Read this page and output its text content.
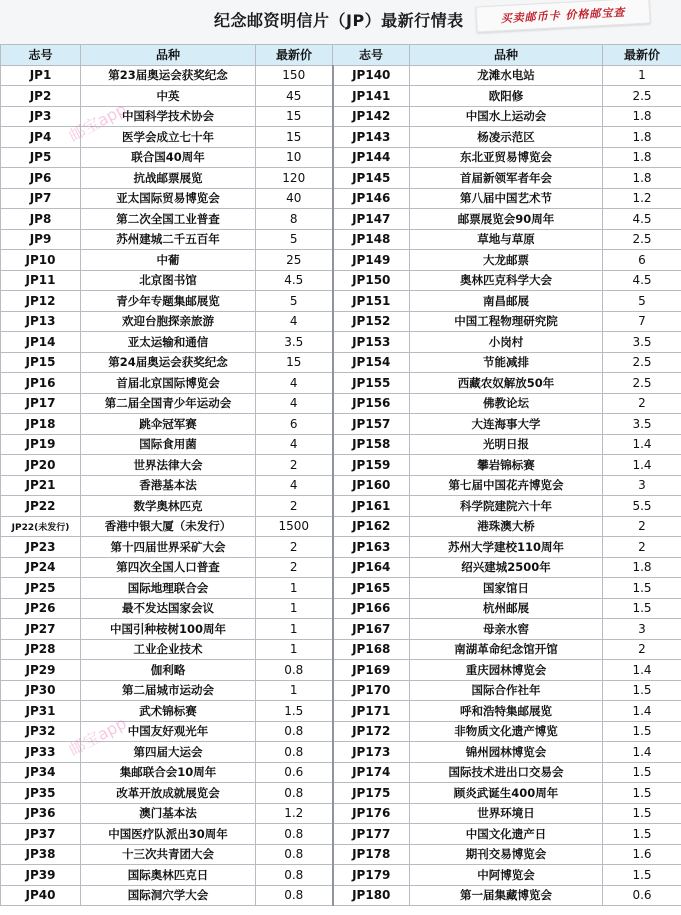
纪念邮资明信片（JP）最新行情表	买卖邮币卡 价格邮宝查
志号	品种	最新价	志号	品种	最新价
JP1	第23届奥运会获奖纪念	150	JP140	龙滩水电站	1
JP2	中英	45	JP141	欧阳修	2.5
JP3	中国科学技术协会	15	JP142	中国水上运动会	1.8
JP4	医学会成立七十年	15	JP143	杨凌示范区	1.8
JP5	联合国40周年	10	JP144	东北亚贸易博览会	1.8
JP6	抗战邮票展览	120	JP145	首届新领军者年会	1.8
JP7	亚太国际贸易博览会	40	JP146	第八届中国艺术节	1.2
JP8	第二次全国工业普查	8	JP147	邮票展览会90周年	4.5
JP9	苏州建城二千五百年	5	JP148	草地与草原	2.5
JP10	中葡	25	JP149	大龙邮票	6
JP11	北京图书馆	4.5	JP150	奥林匹克科学大会	4.5
JP12	青少年专题集邮展览	5	JP151	南昌邮展	5
JP13	欢迎台胞探亲旅游	4	JP152	中国工程物理研究院	7
JP14	亚太运输和通信	3.5	JP153	小岗村	3.5
JP15	第24届奥运会获奖纪念	15	JP154	节能减排	2.5
JP16	首届北京国际博览会	4	JP155	西藏农奴解放50年	2.5
JP17	第二届全国青少年运动会	4	JP156	佛教论坛	2
JP18	跳伞冠军赛	6	JP157	大连海事大学	3.5
JP19	国际食用菌	4	JP158	光明日报	1.4
JP20	世界法律大会	2	JP159	攀岩锦标赛	1.4
JP21	香港基本法	4	JP160	第七届中国花卉博览会	3
JP22	数学奥林匹克	2	JP161	科学院建院六十年	5.5
JP22(未发行)	香港中银大厦（未发行）	1500	JP162	港珠澳大桥	2
JP23	第十四届世界采矿大会	2	JP163	苏州大学建校110周年	2
JP24	第四次全国人口普查	2	JP164	绍兴建城2500年	1.8
JP25	国际地理联合会	1	JP165	国家馆日	1.5
JP26	最不发达国家会议	1	JP166	杭州邮展	1.5
JP27	中国引种桉树100周年	1	JP167	母亲水窖	3
JP28	工业企业技术	1	JP168	南湖革命纪念馆开馆	2
JP29	伽利略	0.8	JP169	重庆园林博览会	1.4
JP30	第二届城市运动会	1	JP170	国际合作社年	1.5
JP31	武术锦标赛	1.5	JP171	呼和浩特集邮展览	1.4
JP32	中国友好观光年	0.8	JP172	非物质文化遗产博览	1.5
JP33	第四届大运会	0.8	JP173	锦州园林博览会	1.4
JP34	集邮联合会10周年	0.6	JP174	国际技术进出口交易会	1.5
JP35	改革开放成就展览会	0.8	JP175	顾炎武诞生400周年	1.5
JP36	澳门基本法	1.2	JP176	世界环境日	1.5
JP37	中国医疗队派出30周年	0.8	JP177	中国文化遗产日	1.5
JP38	十三次共青团大会	0.8	JP178	期刊交易博览会	1.6
JP39	国际奥林匹克日	0.8	JP179	中阿博览会	1.5
JP40	国际洞穴学大会	0.8	JP180	第一届集藏博览会	0.6
邮宝app
邮宝app
